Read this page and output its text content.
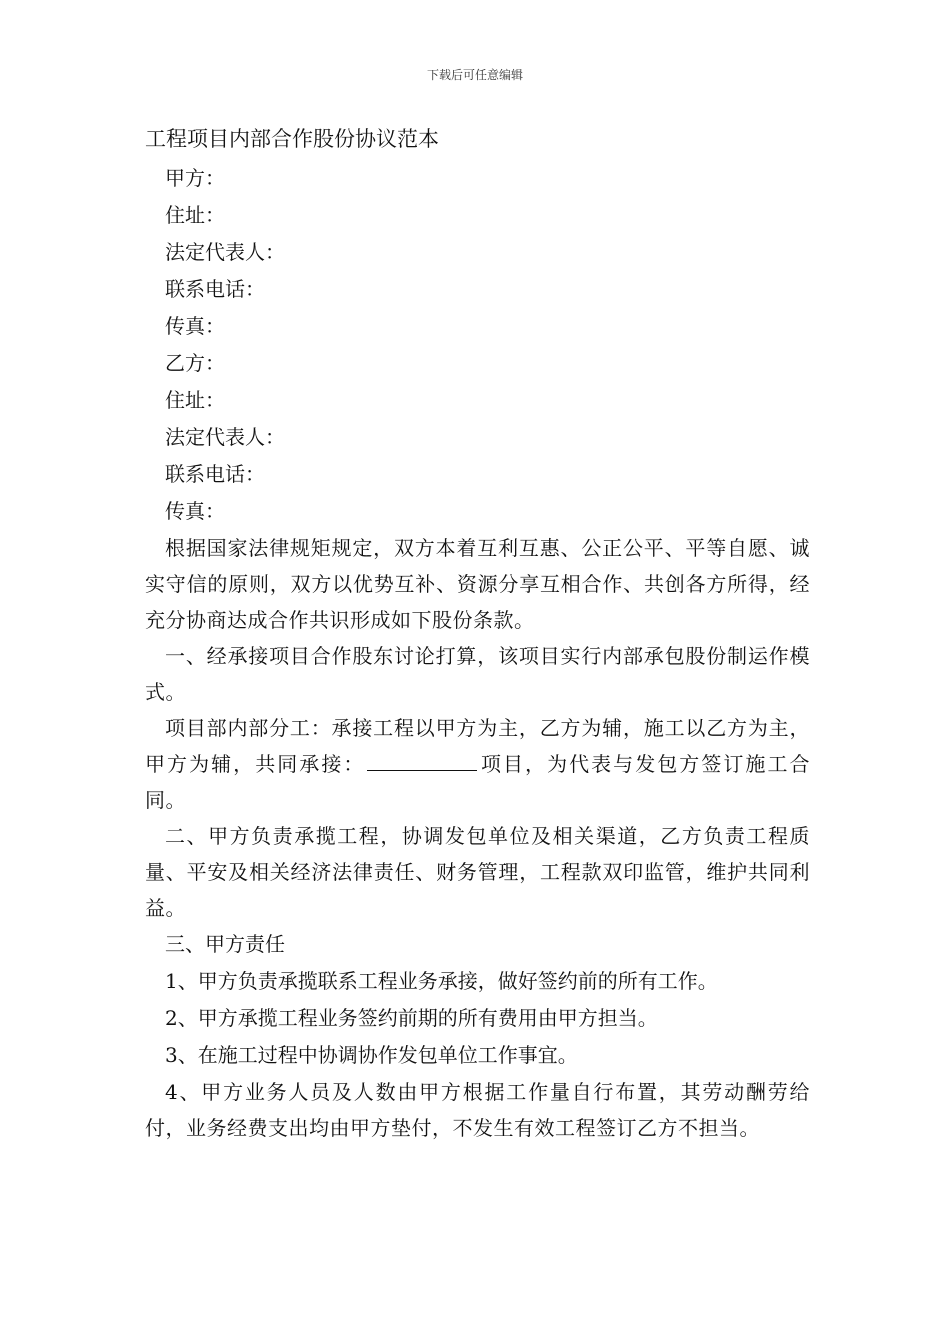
下载后可任意编辑
工程项目内部合作股份协议范本
甲方：
住址：
法定代表人：
联系电话：
传真：
乙方：
住址：
法定代表人：
联系电话：
传真：
根据国家法律规矩规定，双方本着互利互惠、公正公平、平等自愿、诚实守信的原则，双方以优势互补、资源分享互相合作、共创各方所得，经充分协商达成合作共识形成如下股份条款。
一、经承接项目合作股东讨论打算，该项目实行内部承包股份制运作模式。
项目部内部分工：承接工程以甲方为主，乙方为辅，施工以乙方为主，甲方为辅，共同承接：	项目，为代表与发包方签订施工合同。
二、甲方负责承揽工程，协调发包单位及相关渠道，乙方负责工程质量、平安及相关经济法律责任、财务管理，工程款双印监管，维护共同利益。
三、甲方责任
1、甲方负责承揽联系工程业务承接，做好签约前的所有工作。
2、甲方承揽工程业务签约前期的所有费用由甲方担当。
3、在施工过程中协调协作发包单位工作事宜。
4、甲方业务人员及人数由甲方根据工作量自行布置，其劳动酬劳给付，业务经费支出均由甲方垫付，不发生有效工程签订乙方不担当。
